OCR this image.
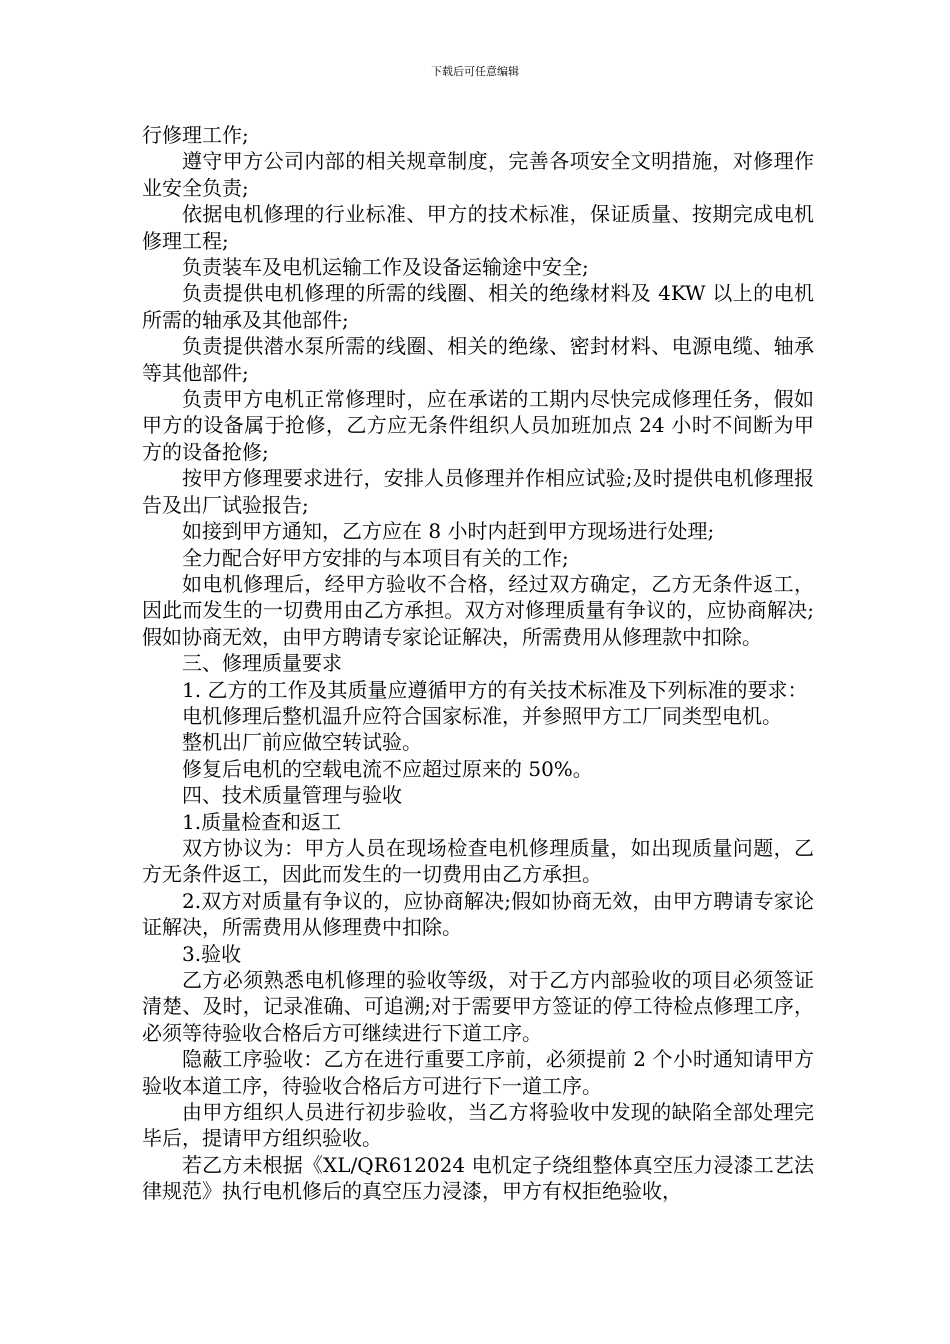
下载后可任意编辑

行修理工作;

遵守甲方公司内部的相关规章制度，完善各项安全文明措施，对修理作业安全负责;

依据电机修理的行业标准、甲方的技术标准，保证质量、按期完成电机修理工程;

负责装车及电机运输工作及设备运输途中安全;

负责提供电机修理的所需的线圈、相关的绝缘材料及 4KW 以上的电机所需的轴承及其他部件;

负责提供潜水泵所需的线圈、相关的绝缘、密封材料、电源电缆、轴承等其他部件;

负责甲方电机正常修理时，应在承诺的工期内尽快完成修理任务，假如甲方的设备属于抢修，乙方应无条件组织人员加班加点 24 小时不间断为甲方的设备抢修;

按甲方修理要求进行，安排人员修理并作相应试验;及时提供电机修理报告及出厂试验报告;

如接到甲方通知，乙方应在 8 小时内赶到甲方现场进行处理;

全力配合好甲方安排的与本项目有关的工作;

如电机修理后，经甲方验收不合格，经过双方确定，乙方无条件返工，因此而发生的一切费用由乙方承担。双方对修理质量有争议的，应协商解决;假如协商无效，由甲方聘请专家论证解决，所需费用从修理款中扣除。

三、修理质量要求

1. 乙方的工作及其质量应遵循甲方的有关技术标准及下列标准的要求：

电机修理后整机温升应符合国家标准，并参照甲方工厂同类型电机。

整机出厂前应做空转试验。

修复后电机的空载电流不应超过原来的 50%。

四、技术质量管理与验收

1.质量检查和返工

双方协议为：甲方人员在现场检查电机修理质量，如出现质量问题，乙方无条件返工，因此而发生的一切费用由乙方承担。

2.双方对质量有争议的，应协商解决;假如协商无效，由甲方聘请专家论证解决，所需费用从修理费中扣除。

3.验收

乙方必须熟悉电机修理的验收等级，对于乙方内部验收的项目必须签证清楚、及时，记录准确、可追溯;对于需要甲方签证的停工待检点修理工序，必须等待验收合格后方可继续进行下道工序。

隐蔽工序验收：乙方在进行重要工序前，必须提前 2 个小时通知请甲方验收本道工序，待验收合格后方可进行下一道工序。

由甲方组织人员进行初步验收，当乙方将验收中发现的缺陷全部处理完毕后，提请甲方组织验收。

若乙方未根据《XL/QR612024 电机定子绕组整体真空压力浸漆工艺法律规范》执行电机修后的真空压力浸漆，甲方有权拒绝验收，
